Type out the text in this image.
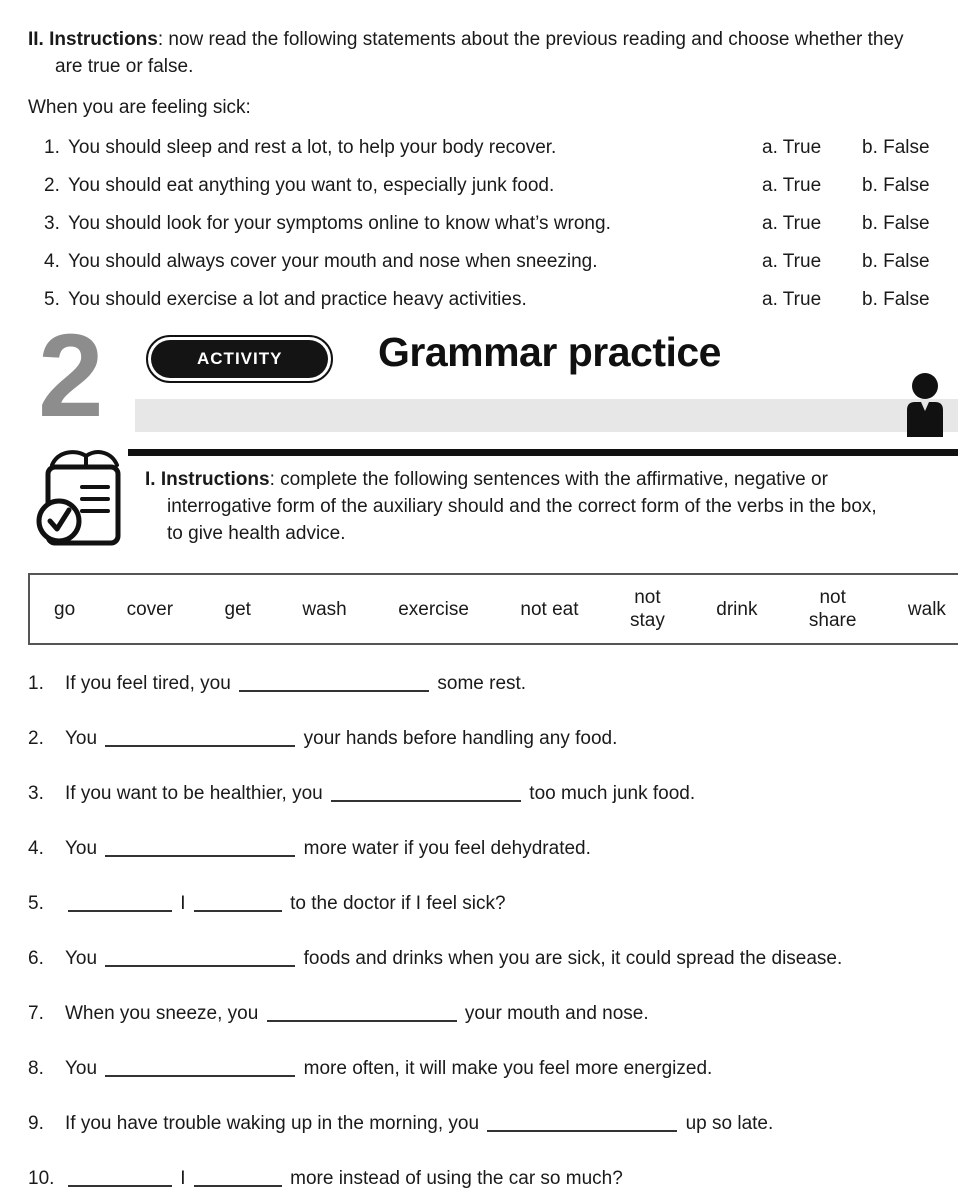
II. Instructions: now read the following statements about the previous reading and choose whether they
are true or false.

When you are feeling sick:

1. You should sleep and rest a lot, to help your body recover.	a. True	b. False
2. You should eat anything you want to, especially junk food.	a. True	b. False
3. You should look for your symptoms online to know what’s wrong.	a. True	b. False
4. You should always cover your mouth and nose when sneezing.	a. True	b. False
5. You should exercise a lot and practice heavy activities.	a. True	b. False
2	ACTIVITY	Grammar practice

I. Instructions: complete the following sentences with the affirmative, negative or
interrogative form of the auxiliary should and the correct form of the verbs in the box,
to give health advice.

go	cover	get	wash	exercise	not eat
not
stay
drink
not
share
walk
1. If you feel tired, you	some rest.
2. You	your hands before handling any food.
3. If you want to be healthier, you	too much junk food.
4. You	more water if you feel dehydrated.
5.	I	to the doctor if I feel sick?
6. You	foods and drinks when you are sick, it could spread the disease.
7. When you sneeze, you	your mouth and nose.
8. You	more often, it will make you feel more energized.
9. If you have trouble waking up in the morning, you	up so late.
10.	I	more instead of using the car so much?
